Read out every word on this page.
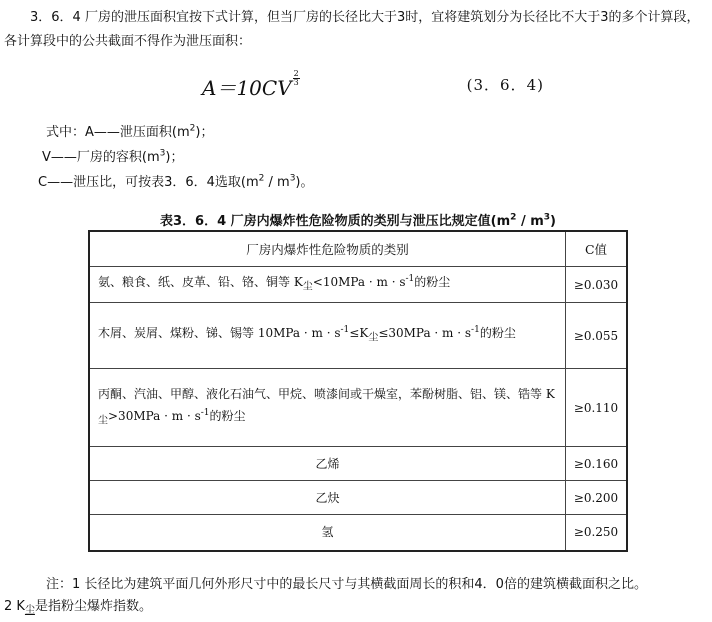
3．6．4 厂房的泄压面积宜按下式计算，但当厂房的长径比大于3时，宜将建筑划分为长径比不大于3的多个计算段，各计算段中的公共截面不得作为泄压面积：

$A=10CV \frac{2}{3}$	(3．6．4)
式中：A——泄压面积$(m^2)$；
V——厂房的容积$(m^3)$；
C——泄压比，可按表3．6．4选取$(m^2 / m^3)$。
表3．6．4 厂房内爆炸性危险物质的类别与泄压比规定值$(m^2 / m^3)$
厂房内爆炸性危险物质的类别	C值
氨、粮食、纸、皮革、铅、铬、铜等 $K_尘<10MPa \cdot m \cdot s^{-1}$的粉尘	≥0.030
木屑、炭屑、煤粉、锑、锡等 $10MPa \cdot m \cdot s^{-1}\le K_尘\le 30MPa \cdot m \cdot s^{-1}$的粉尘	≥0.055
丙酮、汽油、甲醇、液化石油气、甲烷、喷漆间或干燥室，苯酚树脂、铝、镁、锆等 $K_尘>30MPa \cdot m \cdot s^{-1}$的粉尘	≥0.110
乙烯	≥0.160
乙炔	≥0.200
氢	≥0.250
注：1 长径比为建筑平面几何外形尺寸中的最长尺寸与其横截面周长的积和4．0倍的建筑横截面积之比。
2 $K_尘$是指粉尘爆炸指数。
